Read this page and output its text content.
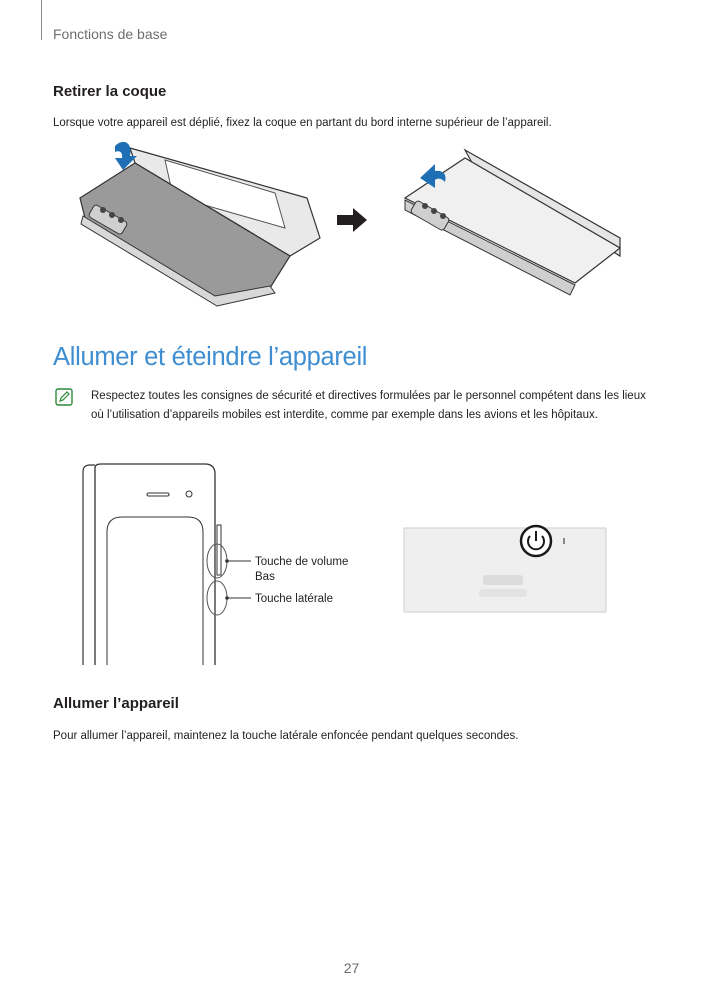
Fonctions de base
Retirer la coque

Lorsque votre appareil est déplié, fixez la coque en partant du bord interne supérieur de l’appareil.

Allumer et éteindre l’appareil

Respectez toutes les consignes de sécurité et directives formulées par le personnel compétent dans les lieux où l’utilisation d’appareils mobiles est interdite, comme par exemple dans les avions et les hôpitaux.

Touche de volume
Bas
Touche latérale
Allumer l’appareil

Pour allumer l’appareil, maintenez la touche latérale enfoncée pendant quelques secondes.

27
